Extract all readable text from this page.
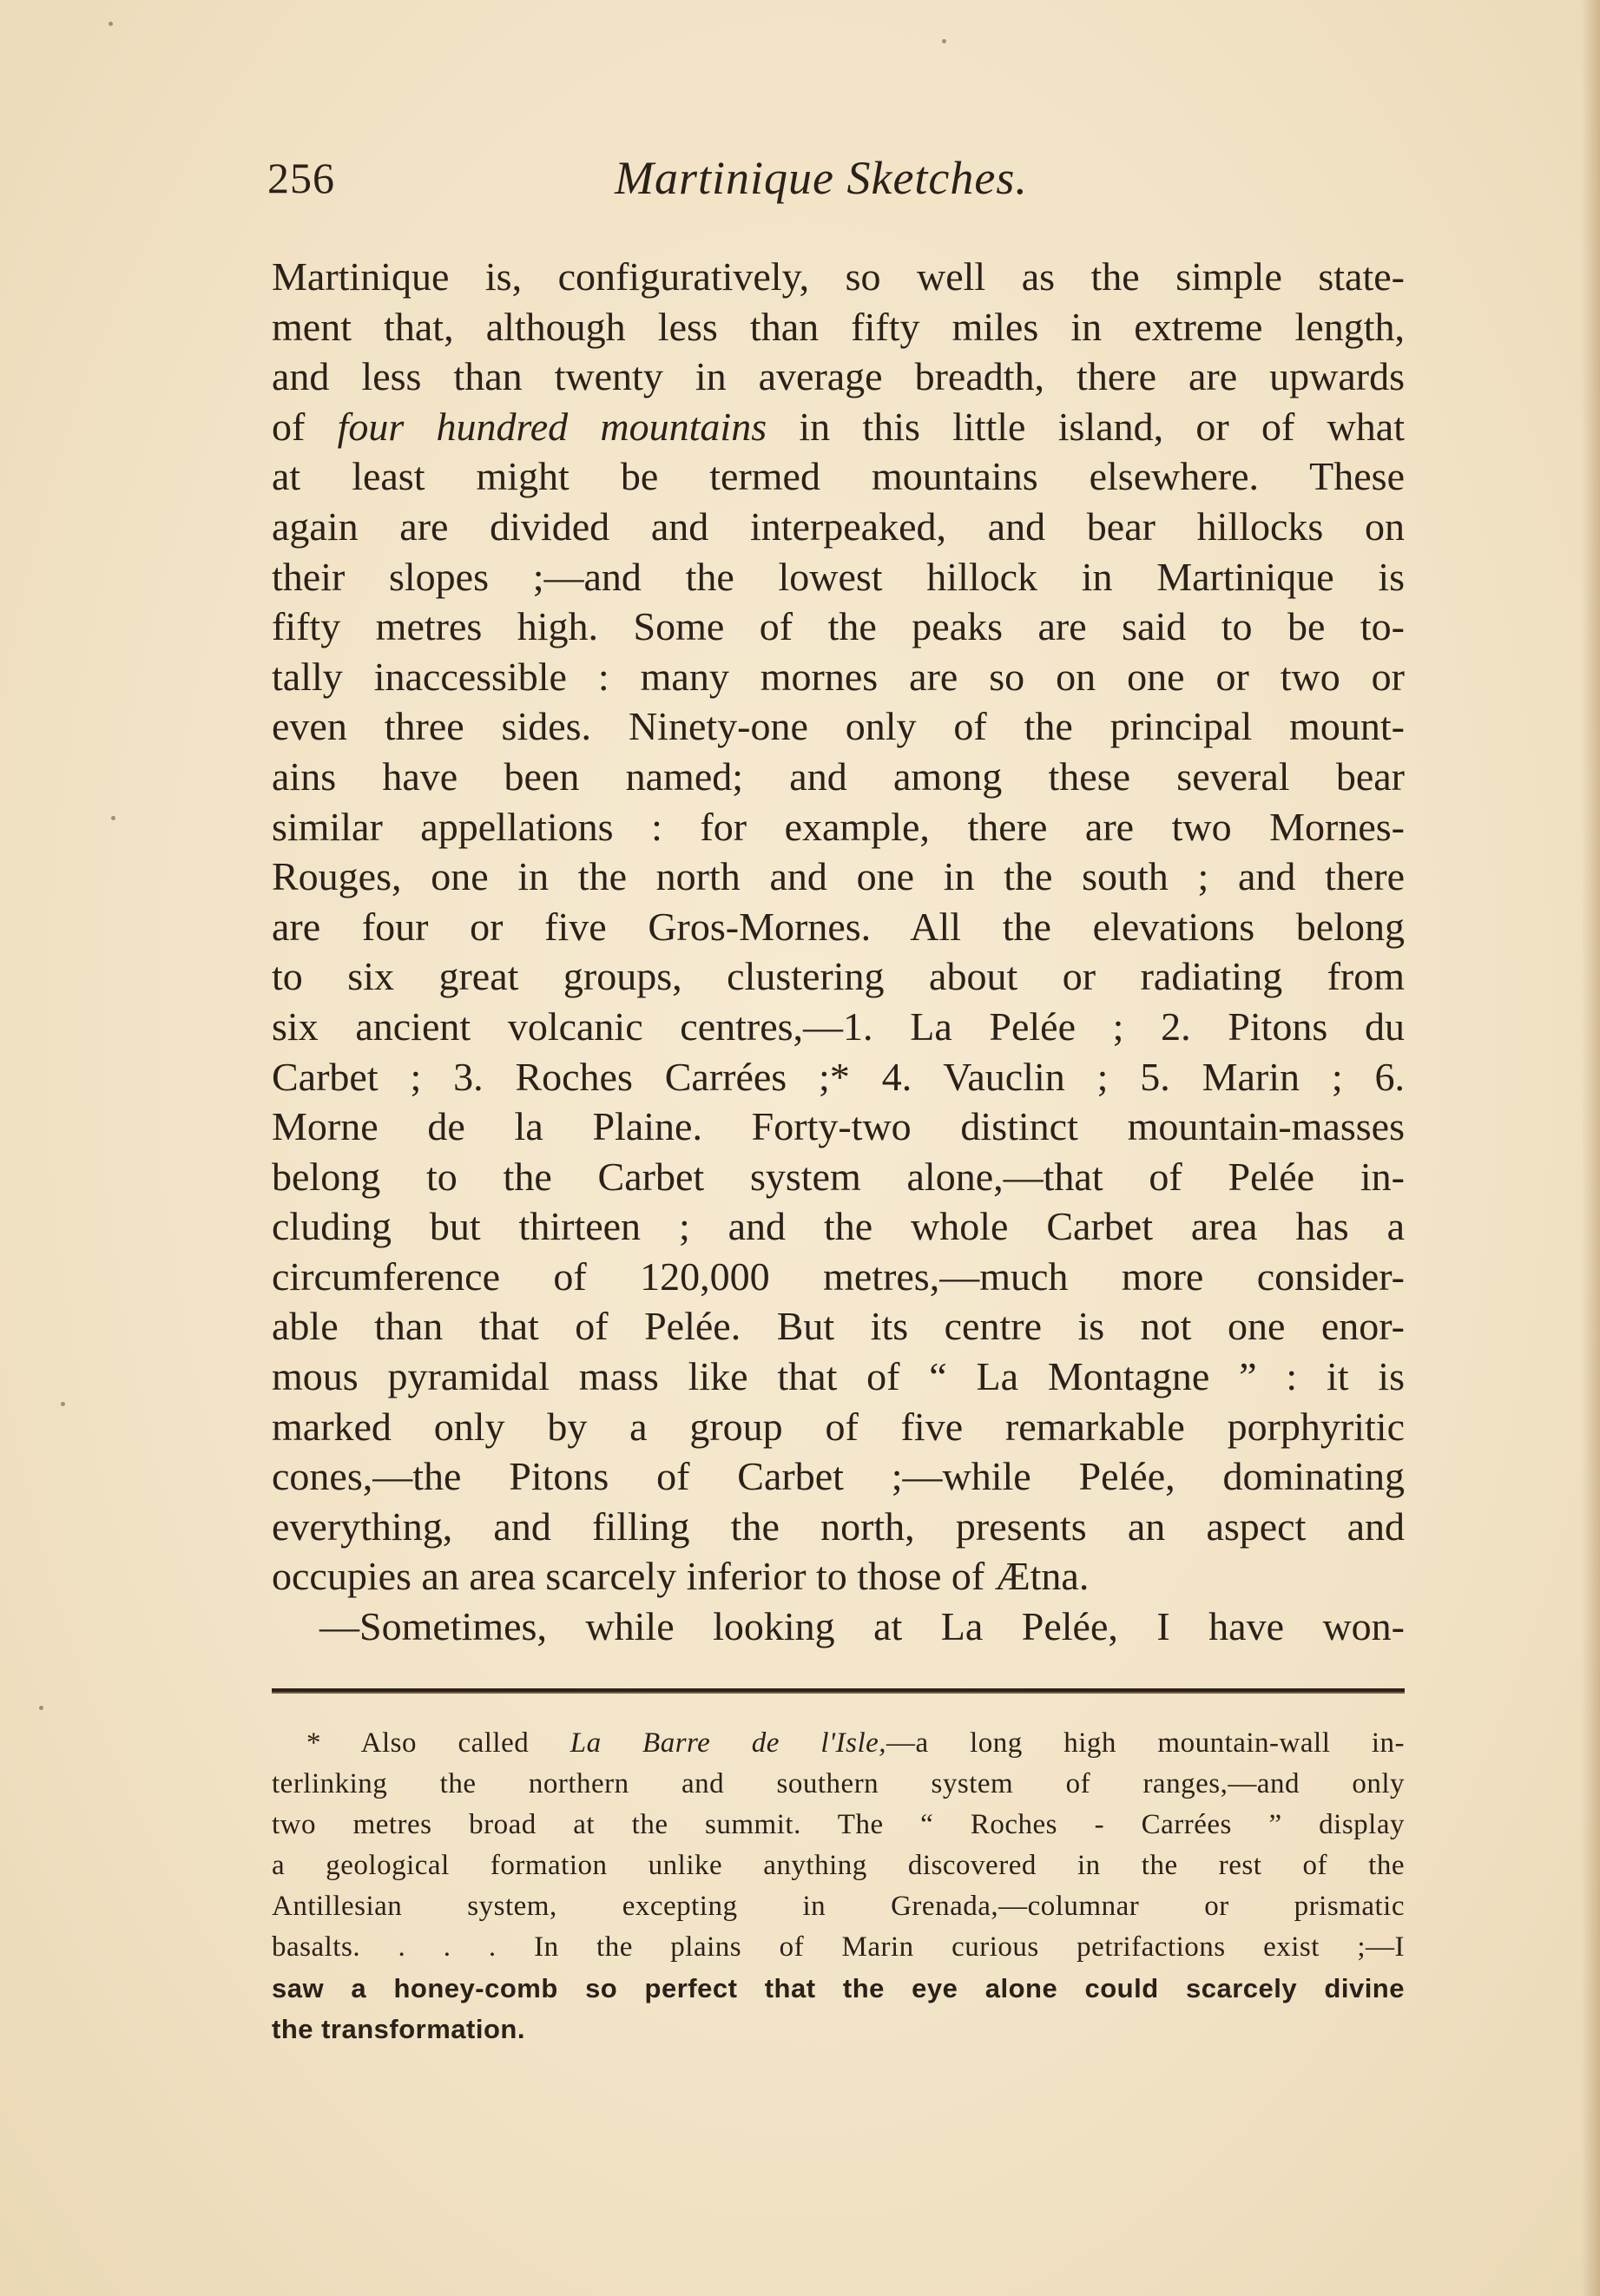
256	Martinique Sketches.
Martinique is, configuratively, so well as the simple state-
ment that, although less than fifty miles in extreme length,
and less than twenty in average breadth, there are upwards
of four hundred mountains in this little island, or of what
at least might be termed mountains elsewhere. These
again are divided and interpeaked, and bear hillocks on
their slopes ;—and the lowest hillock in Martinique is
fifty metres high. Some of the peaks are said to be to-
tally inaccessible : many mornes are so on one or two or
even three sides. Ninety-one only of the principal mount-
ains have been named; and among these several bear
similar appellations : for example, there are two Mornes-
Rouges, one in the north and one in the south ; and there
are four or five Gros-Mornes. All the elevations belong
to six great groups, clustering about or radiating from
six ancient volcanic centres,—1. La Pelée ; 2. Pitons du
Carbet ; 3. Roches Carrées ;* 4. Vauclin ; 5. Marin ; 6.
Morne de la Plaine. Forty-two distinct mountain-masses
belong to the Carbet system alone,—that of Pelée in-
cluding but thirteen ; and the whole Carbet area has a
circumference of 120,000 metres,—much more consider-
able than that of Pelée. But its centre is not one enor-
mous pyramidal mass like that of “ La Montagne ” : it is
marked only by a group of five remarkable porphyritic
cones,—the Pitons of Carbet ;—while Pelée, dominating
everything, and filling the north, presents an aspect and
occupies an area scarcely inferior to those of Ætna.
—Sometimes, while looking at La Pelée, I have won-
* Also called La Barre de l'Isle,—a long high mountain-wall in-
terlinking the northern and southern system of ranges,—and only
two metres broad at the summit. The “ Roches - Carrées ” display
a geological formation unlike anything discovered in the rest of the
Antillesian system, excepting in Grenada,—columnar or prismatic
basalts. . . . In the plains of Marin curious petrifactions exist ;—I
saw a honey-comb so perfect that the eye alone could scarcely divine
the transformation.
